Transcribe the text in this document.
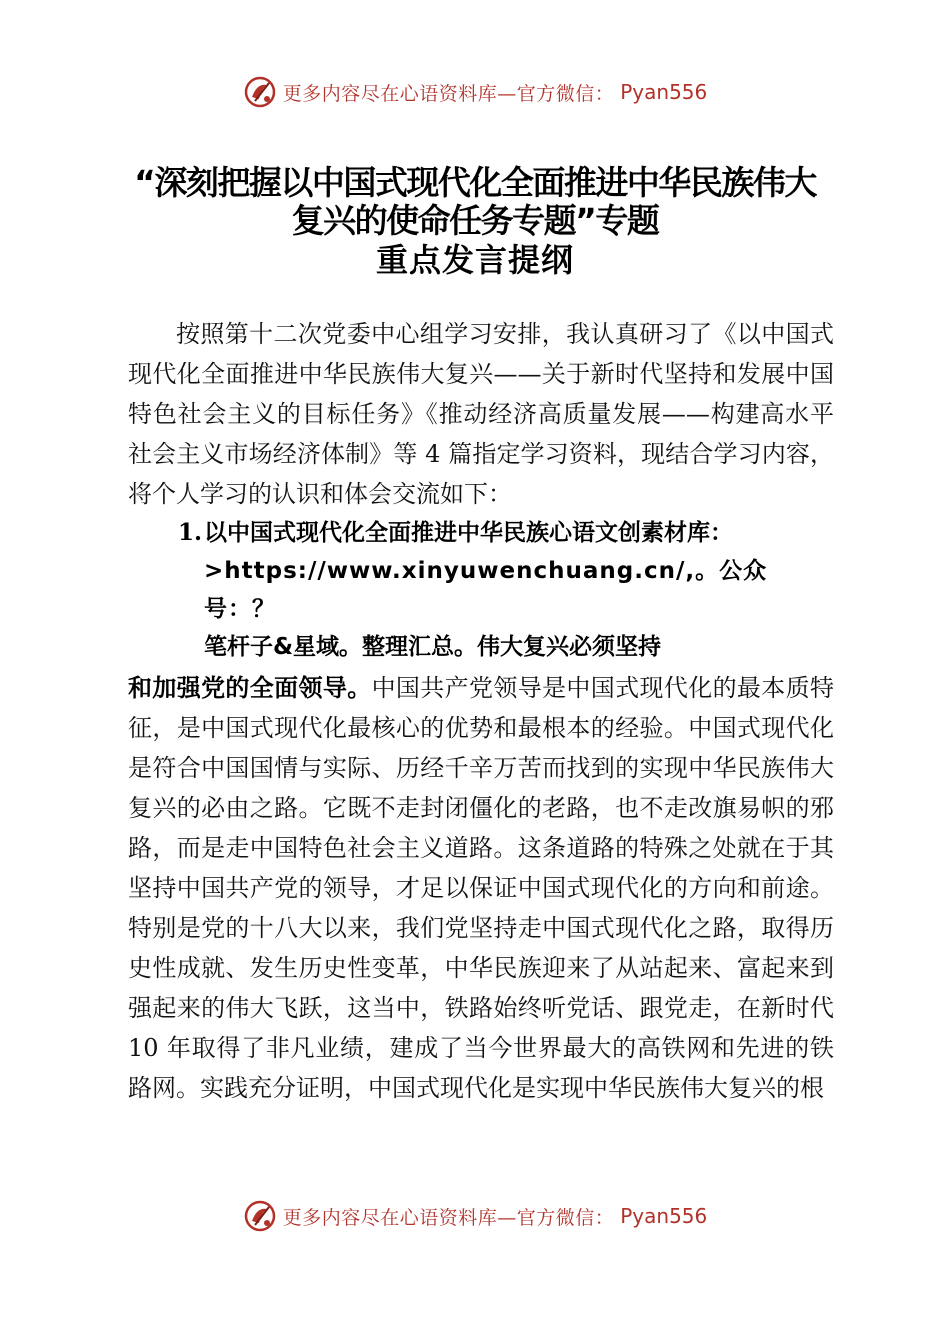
更多内容尽在心语资料库—官方微信： Pyan556
“深刻把握以中国式现代化全面推进中华民族伟大复兴的使命任务专题”专题
重点发言提纲

按照第十二次党委中心组学习安排，我认真研习了《以中国式现代化全面推进中华民族伟大复兴——关于新时代坚持和发展中国特色社会主义的目标任务》《推动经济高质量发展——构建高水平社会主义市场经济体制》等 4 篇指定学习资料，现结合学习内容，将个人学习的认识和体会交流如下：

1. 以中国式现代化全面推进中华民族心语文创素材库：
>https://www.xinyuwenchuang.cn/,。公众号：？
笔杆子&星域。整理汇总。伟大复兴必须坚持

和加强党的全面领导。中国共产党领导是中国式现代化的最本质特征，是中国式现代化最核心的优势和最根本的经验。中国式现代化是符合中国国情与实际、历经千辛万苦而找到的实现中华民族伟大复兴的必由之路。它既不走封闭僵化的老路，也不走改旗易帜的邪路，而是走中国特色社会主义道路。这条道路的特殊之处就在于其坚持中国共产党的领导，才足以保证中国式现代化的方向和前途。特别是党的十八大以来，我们党坚持走中国式现代化之路，取得历史性成就、发生历史性变革，中华民族迎来了从站起来、富起来到强起来的伟大飞跃，这当中，铁路始终听党话、跟党走，在新时代 10 年取得了非凡业绩，建成了当今世界最大的高铁网和先进的铁路网。实践充分证明，中国式现代化是实现中华民族伟大复兴的根

更多内容尽在心语资料库—官方微信： Pyan556
